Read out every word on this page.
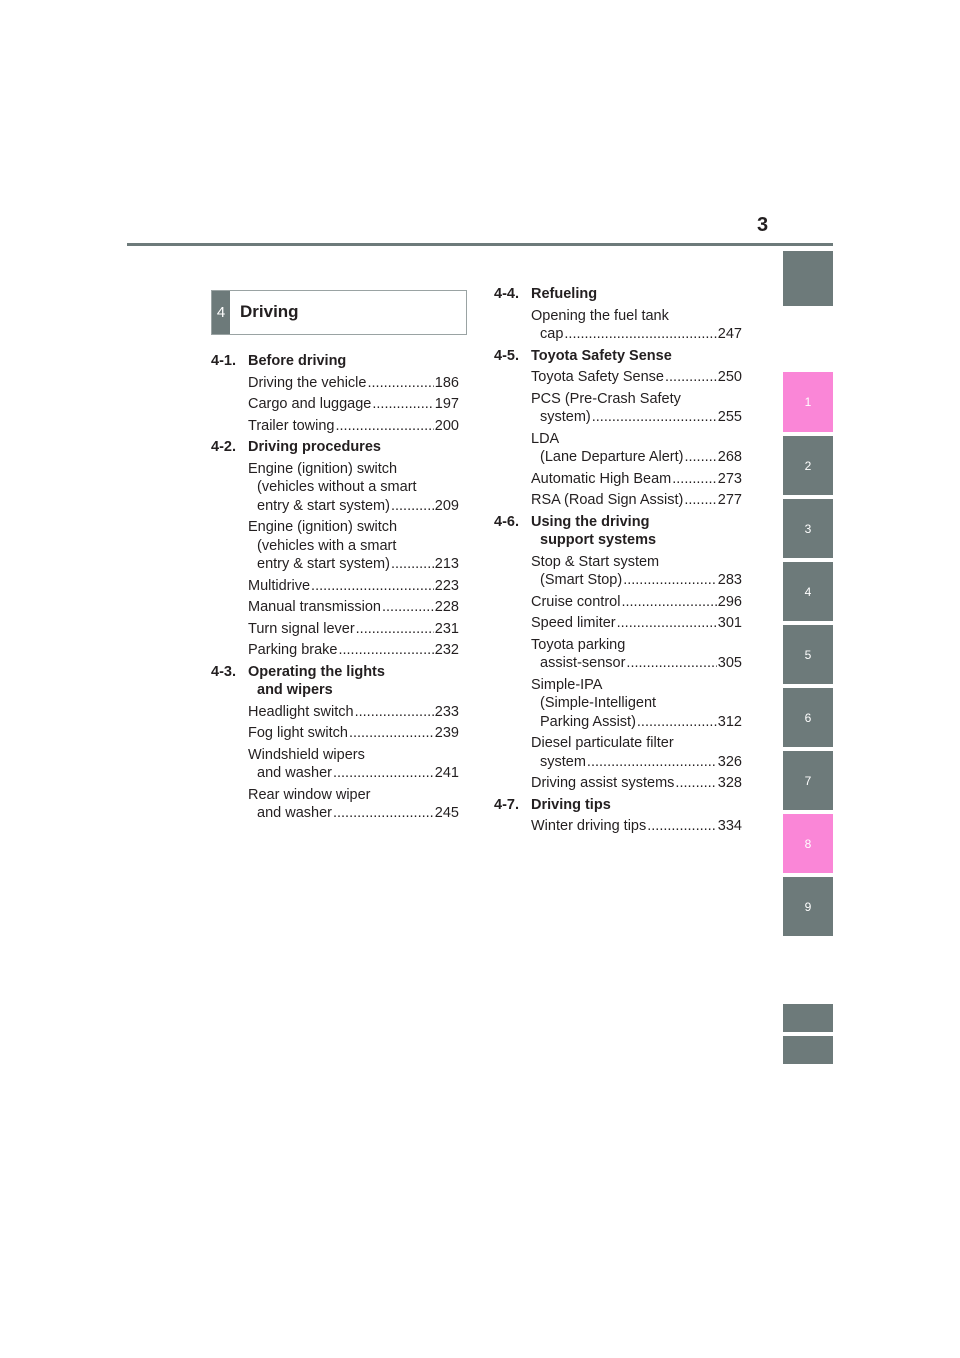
3
1
2
3
4
5
6
7
8
9
4 Driving
4-1. Before driving
Driving the vehicle .....	186
Cargo and luggage .....	197
Trailer towing .....	200
4-2. Driving procedures
Engine (ignition) switch
(vehicles without a smart
entry & start system) .....	209
Engine (ignition) switch
(vehicles with a smart
entry & start system) .....	213
Multidrive .....	223
Manual transmission .....	228
Turn signal lever .....	231
Parking brake .....	232
4-3. Operating the lights
and wipers
Headlight switch .....	233
Fog light switch .....	239
Windshield wipers
and washer .....	241
Rear window wiper
and washer .....	245
4-4. Refueling
Opening the fuel tank
cap .....	247
4-5. Toyota Safety Sense
Toyota Safety Sense .....	250
PCS (Pre-Crash Safety
system) .....	255
LDA
(Lane Departure Alert) ..... 268
Automatic High Beam .....	273
RSA (Road Sign Assist) ..... 277
4-6. Using the driving
support systems
Stop & Start system
(Smart Stop) .....	283
Cruise control .....	296
Speed limiter .....	301
Toyota parking
assist-sensor .....	305
Simple-IPA
(Simple-Intelligent
Parking Assist) .....	312
Diesel particulate filter
system .....	326
Driving assist systems .....	328
4-7. Driving tips
Winter driving tips .....	334
